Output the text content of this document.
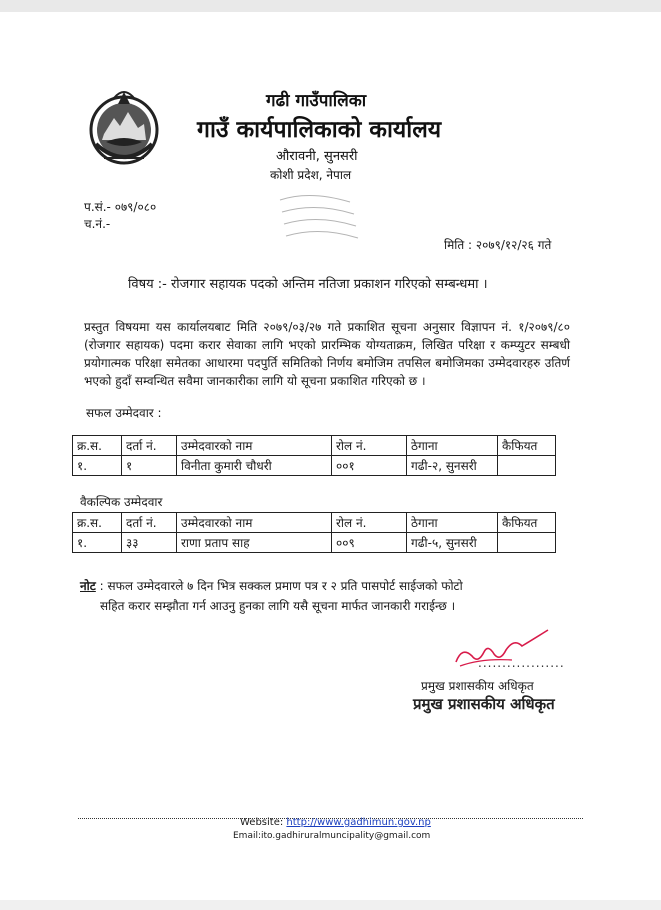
गढी गाउँपालिका
गाउँ कार्यपालिकाको कार्यालय
औरावनी, सुनसरी
कोशी प्रदेश, नेपाल
प.सं.- ०७९/०८०
च.नं.-
मिति : २०७९/१२/२६ गते
विषय :- रोजगार सहायक पदको अन्तिम नतिजा प्रकाशन गरिएको सम्बन्धमा ।
प्रस्तुत विषयमा यस कार्यालयबाट मिति २०७९/०३/२७ गते प्रकाशित सूचना अनुसार विज्ञापन नं. १/२०७९/८० (रोजगार सहायक) पदमा करार सेवाका लागि भएको प्रारम्भिक योग्यताक्रम, लिखित परिक्षा र कम्प्युटर सम्बधी प्रयोगात्मक परिक्षा समेतका आधारमा पदपुर्ति समितिको निर्णय बमोजिम तपसिल बमोजिमका उम्मेदवारहरु उतिर्ण भएको हुदाँ सम्वन्धित सवैमा जानकारीका लागि यो सूचना प्रकाशित गरिएको छ ।
सफल उम्मेदवार :
क्र.स.	दर्ता नं.	उम्मेदवारको नाम	रोल नं.	ठेगाना	कैफियत
१.	१	विनीता कुमारी चौधरी	००१	गढी-२, सुनसरी	
वैकल्पिक उम्मेदवार
क्र.स.	दर्ता नं.	उम्मेदवारको नाम	रोल नं.	ठेगाना	कैफियत
१.	३३	राणा प्रताप साह	००९	गढी-५, सुनसरी	
नोट : सफल उम्मेदवारले ७ दिन भित्र सक्कल प्रमाण पत्र र २ प्रति पासपोर्ट साईजको फोटो
सहित करार सम्झौता गर्न आउनु हुनका लागि यसै सूचना मार्फत जानकारी गराईन्छ ।
..................
प्रमुख प्रशासकीय अधिकृत
प्रमुख प्रशासकीय अधिकृत
Website: http://www.gadhimun.gov.np
Email:ito.gadhiruralmuncipality@gmail.com
